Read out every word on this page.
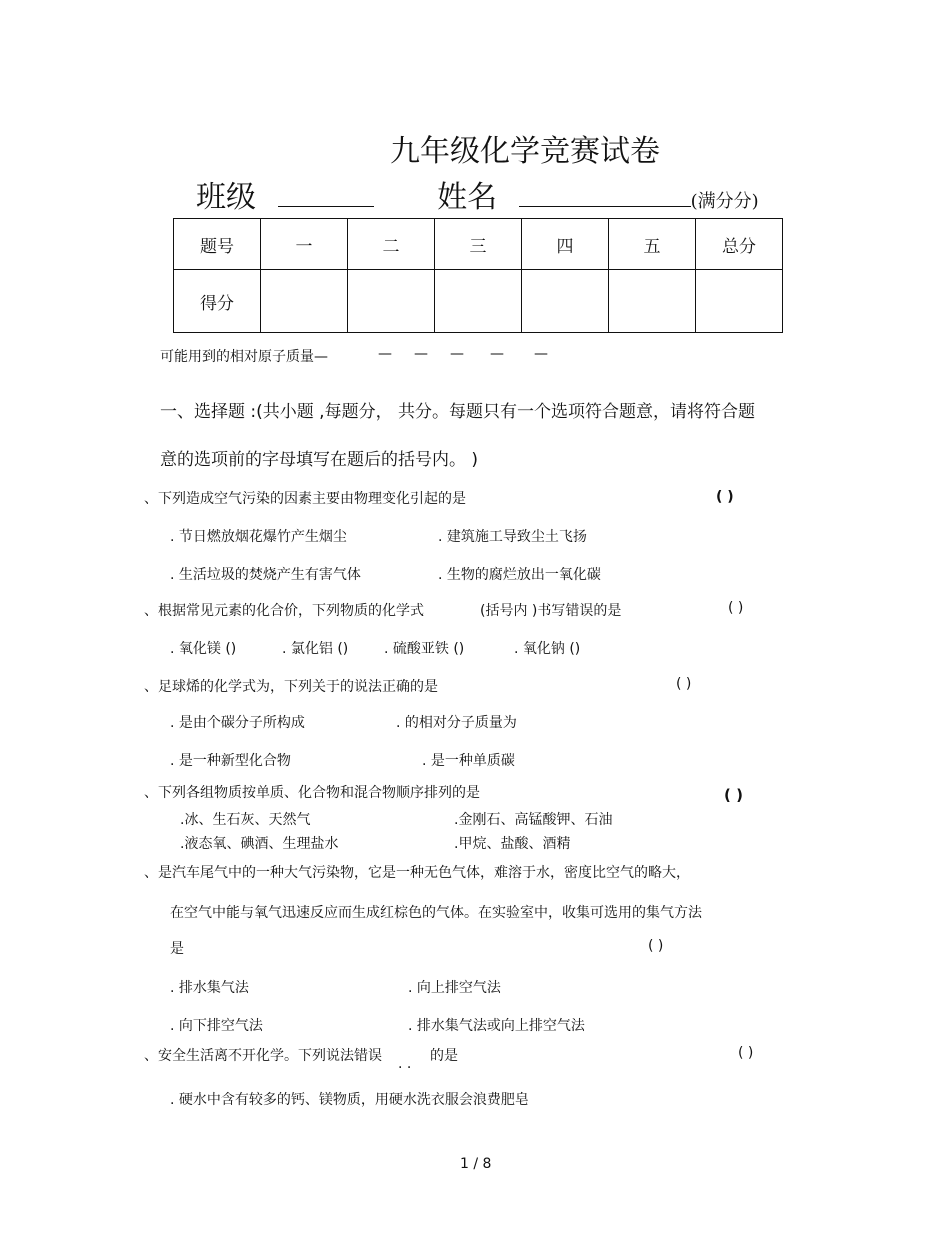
九年级化学竞赛试卷
班级	姓名	(满分分)
题号	一	二	三	四	五	总分
得分						
可能用到的相对原子质量—	— — — — —
一、选择题 :(共小题 ,每题分， 共分。每题只有一个选项符合题意，请将符合题
意的选项前的字母填写在题后的括号内。 )
、下列造成空气污染的因素主要由物理变化引起的是	( )
. 节日燃放烟花爆竹产生烟尘	. 建筑施工导致尘土飞扬
. 生活垃圾的焚烧产生有害气体	. 生物的腐烂放出一氧化碳
、根据常见元素的化合价，下列物质的化学式	(括号内 )书写错误的是	( )
. 氧化镁 ()	. 氯化铝 ()	. 硫酸亚铁 ()	. 氧化钠 ()
、足球烯的化学式为，下列关于的说法正确的是	( )
. 是由个碳分子所构成	. 的相对分子质量为
. 是一种新型化合物	. 是一种单质碳
、下列各组物质按单质、化合物和混合物顺序排列的是	( )
.冰、生石灰、天然气	.金刚石、高锰酸钾、石油
.液态氧、碘酒、生理盐水	.甲烷、盐酸、酒精
、是汽车尾气中的一种大气污染物，它是一种无色气体，难溶于水，密度比空气的略大，
在空气中能与氧气迅速反应而生成红棕色的气体。在实验室中，收集可选用的集气方法
是	( )
. 排水集气法	. 向上排空气法
. 向下排空气法	. 排水集气法或向上排空气法
、安全生活离不开化学。下列说法错误 . . 的是	( )
. 硬水中含有较多的钙、镁物质，用硬水洗衣服会浪费肥皂
1 / 8
